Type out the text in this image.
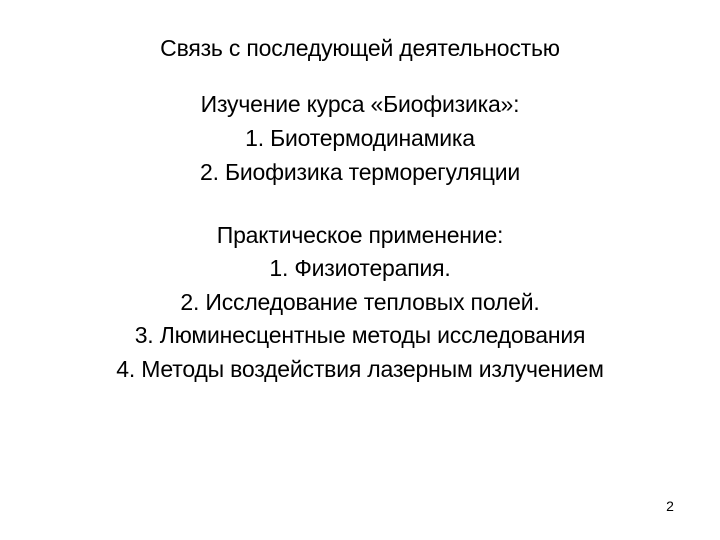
Связь с последующей деятельностью
Изучение курса «Биофизика»:
1. Биотермодинамика
2. Биофизика терморегуляции
Практическое применение:
1. Физиотерапия.
2. Исследование тепловых полей.
3. Люминесцентные методы исследования
4. Методы воздействия лазерным излучением
2
